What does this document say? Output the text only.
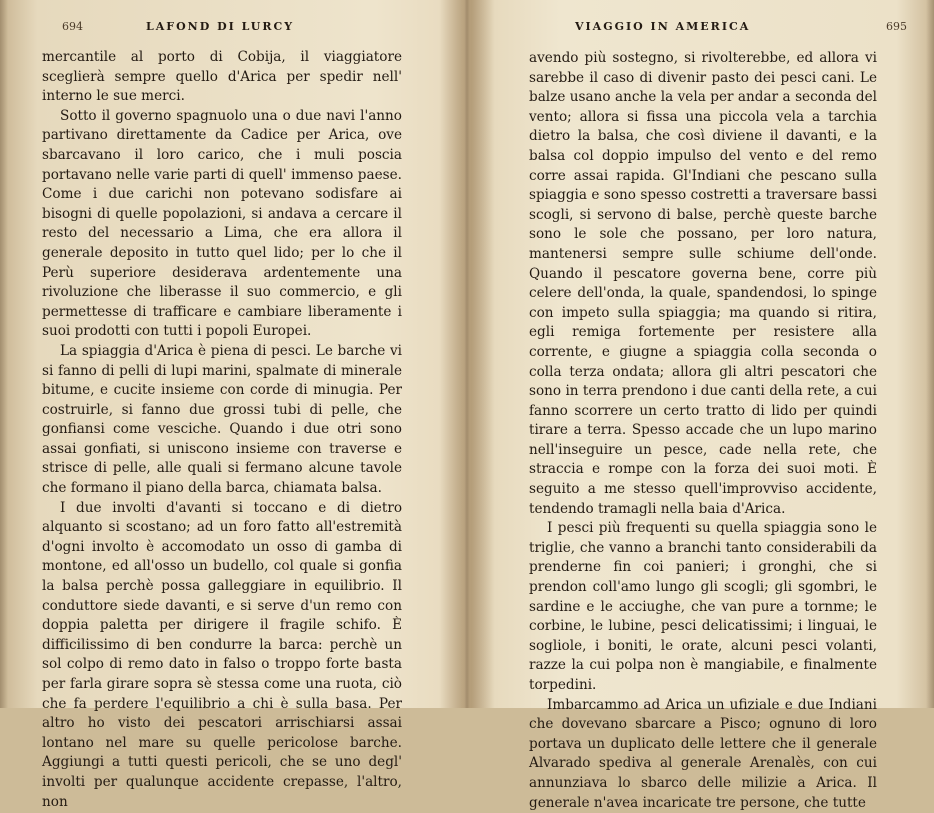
694	LAFOND DI LURCY

mercantile al porto di Cobija, il viaggiatore sceglierà sempre quello d'Arica per spedir nell' interno le sue merci.

Sotto il governo spagnuolo una o due navi l'anno partivano direttamente da Cadice per Arica, ove sbarcavano il loro carico, che i muli poscia portavano nelle varie parti di quell' immenso paese. Come i due carichi non potevano sodisfare ai bisogni di quelle popolazioni, si andava a cercare il resto del necessario a Lima, che era allora il generale deposito in tutto quel lido; per lo che il Perù superiore desiderava ardentemente una rivoluzione che liberasse il suo commercio, e gli permettesse di trafficare e cambiare liberamente i suoi prodotti con tutti i popoli Europei.

La spiaggia d'Arica è piena di pesci. Le barche vi si fanno di pelli di lupi marini, spalmate di minerale bitume, e cucite insieme con corde di minugia. Per costruirle, si fanno due grossi tubi di pelle, che gonfiansi come vesciche. Quando i due otri sono assai gonfiati, si uniscono insieme con traverse e strisce di pelle, alle quali si fermano alcune tavole che formano il piano della barca, chiamata balsa.

I due involti d'avanti si toccano e di dietro alquanto si scostano; ad un foro fatto all'estremità d'ogni involto è accomodato un osso di gamba di montone, ed all'osso un budello, col quale si gonfia la balsa perchè possa galleggiare in equilibrio. Il conduttore siede davanti, e si serve d'un remo con doppia paletta per dirigere il fragile schifo. È difficilissimo di ben condurre la barca: perchè un sol colpo di remo dato in falso o troppo forte basta per farla girare sopra sè stessa come una ruota, ciò che fa perdere l'equilibrio a chi è sulla basa. Per altro ho visto dei pescatori arrischiarsi assai lontano nel mare su quelle pericolose barche. Aggiungi a tutti questi pericoli, che se uno degl' involti per qualunque accidente crepasse, l'altro, non

VIAGGIO IN AMERICA	695

avendo più sostegno, si rivolterebbe, ed allora vi sarebbe il caso di divenir pasto dei pesci cani. Le balze usano anche la vela per andar a seconda del vento; allora si fissa una piccola vela a tarchia dietro la balsa, che così diviene il davanti, e la balsa col doppio impulso del vento e del remo corre assai rapida. Gl'Indiani che pescano sulla spiaggia e sono spesso costretti a traversare bassi scogli, si servono di balse, perchè queste barche sono le sole che possano, per loro natura, mantenersi sempre sulle schiume dell'onde. Quando il pescatore governa bene, corre più celere dell'onda, la quale, spandendosi, lo spinge con impeto sulla spiaggia; ma quando si ritira, egli remiga fortemente per resistere alla corrente, e giugne a spiaggia colla seconda o colla terza ondata; allora gli altri pescatori che sono in terra prendono i due canti della rete, a cui fanno scorrere un certo tratto di lido per quindi tirare a terra. Spesso accade che un lupo marino nell'inseguire un pesce, cade nella rete, che straccia e rompe con la forza dei suoi moti. È seguito a me stesso quell'improvviso accidente, tendendo tramagli nella baia d'Arica.

I pesci più frequenti su quella spiaggia sono le triglie, che vanno a branchi tanto considerabili da prenderne fin coi panieri; i gronghi, che si prendon coll'amo lungo gli scogli; gli sgombri, le sardine e le acciughe, che van pure a tornme; le corbine, le lubine, pesci delicatissimi; i linguai, le sogliole, i boniti, le orate, alcuni pesci volanti, razze la cui polpa non è mangiabile, e finalmente torpedini.

Imbarcammo ad Arica un ufiziale e due Indiani che dovevano sbarcare a Pisco; ognuno di loro portava un duplicato delle lettere che il generale Alvarado spediva al generale Arenalès, con cui annunziava lo sbarco delle milizie a Arica. Il generale n'avea incaricate tre persone, che tutte
